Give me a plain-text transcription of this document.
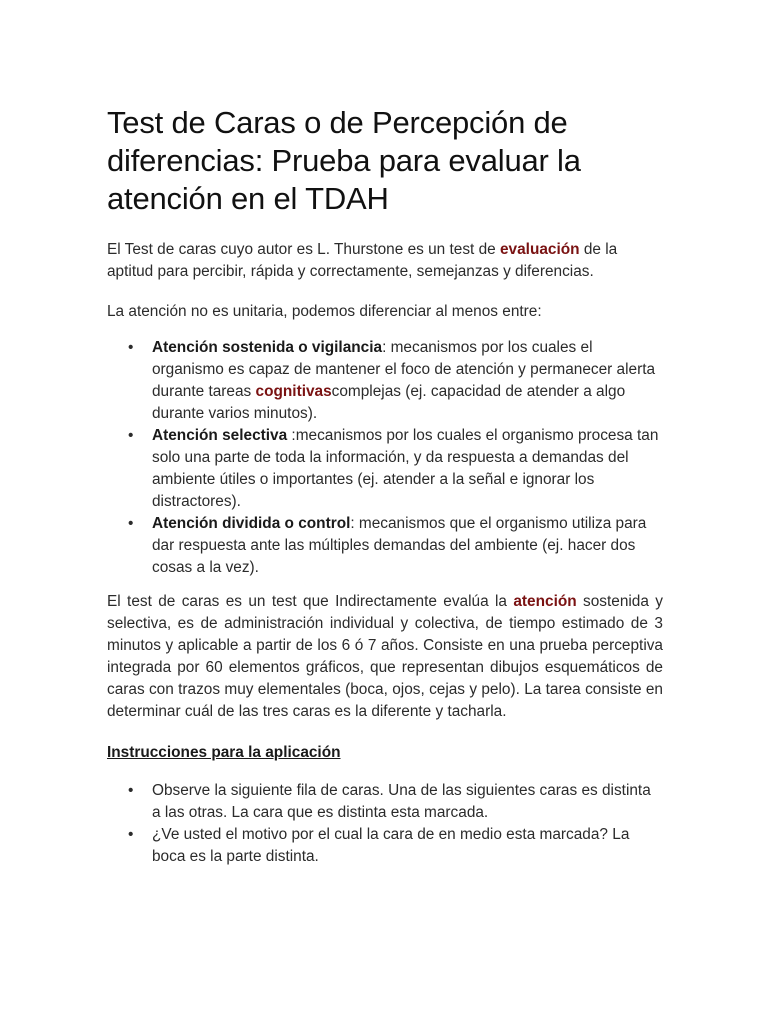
Test de Caras o de Percepción de diferencias: Prueba para evaluar la atención en el TDAH

El Test de caras cuyo autor es L. Thurstone es un test de evaluación de la aptitud para percibir, rápida y correctamente, semejanzas y diferencias.

La atención no es unitaria, podemos diferenciar al menos entre:

• Atención sostenida o vigilancia: mecanismos por los cuales el organismo es capaz de mantener el foco de atención y permanecer alerta durante tareas cognitivascomplejas (ej. capacidad de atender a algo durante varios minutos).
• Atención selectiva :mecanismos por los cuales el organismo procesa tan solo una parte de toda la información, y da respuesta a demandas del ambiente útiles o importantes (ej. atender a la señal e ignorar los distractores).
• Atención dividida o control: mecanismos que el organismo utiliza para dar respuesta ante las múltiples demandas del ambiente (ej. hacer dos cosas a la vez).

El test de caras es un test que Indirectamente evalúa la atención sostenida y selectiva, es de administración individual y colectiva, de tiempo estimado de 3 minutos y aplicable a partir de los 6 ó 7 años. Consiste en una prueba perceptiva integrada por 60 elementos gráficos, que representan dibujos esquemáticos de caras con trazos muy elementales (boca, ojos, cejas y pelo). La tarea consiste en determinar cuál de las tres caras es la diferente y tacharla.

Instrucciones para la aplicación

• Observe la siguiente fila de caras. Una de las siguientes caras es distinta a las otras. La cara que es distinta esta marcada.
• ¿Ve usted el motivo por el cual la cara de en medio esta marcada? La boca es la parte distinta.
